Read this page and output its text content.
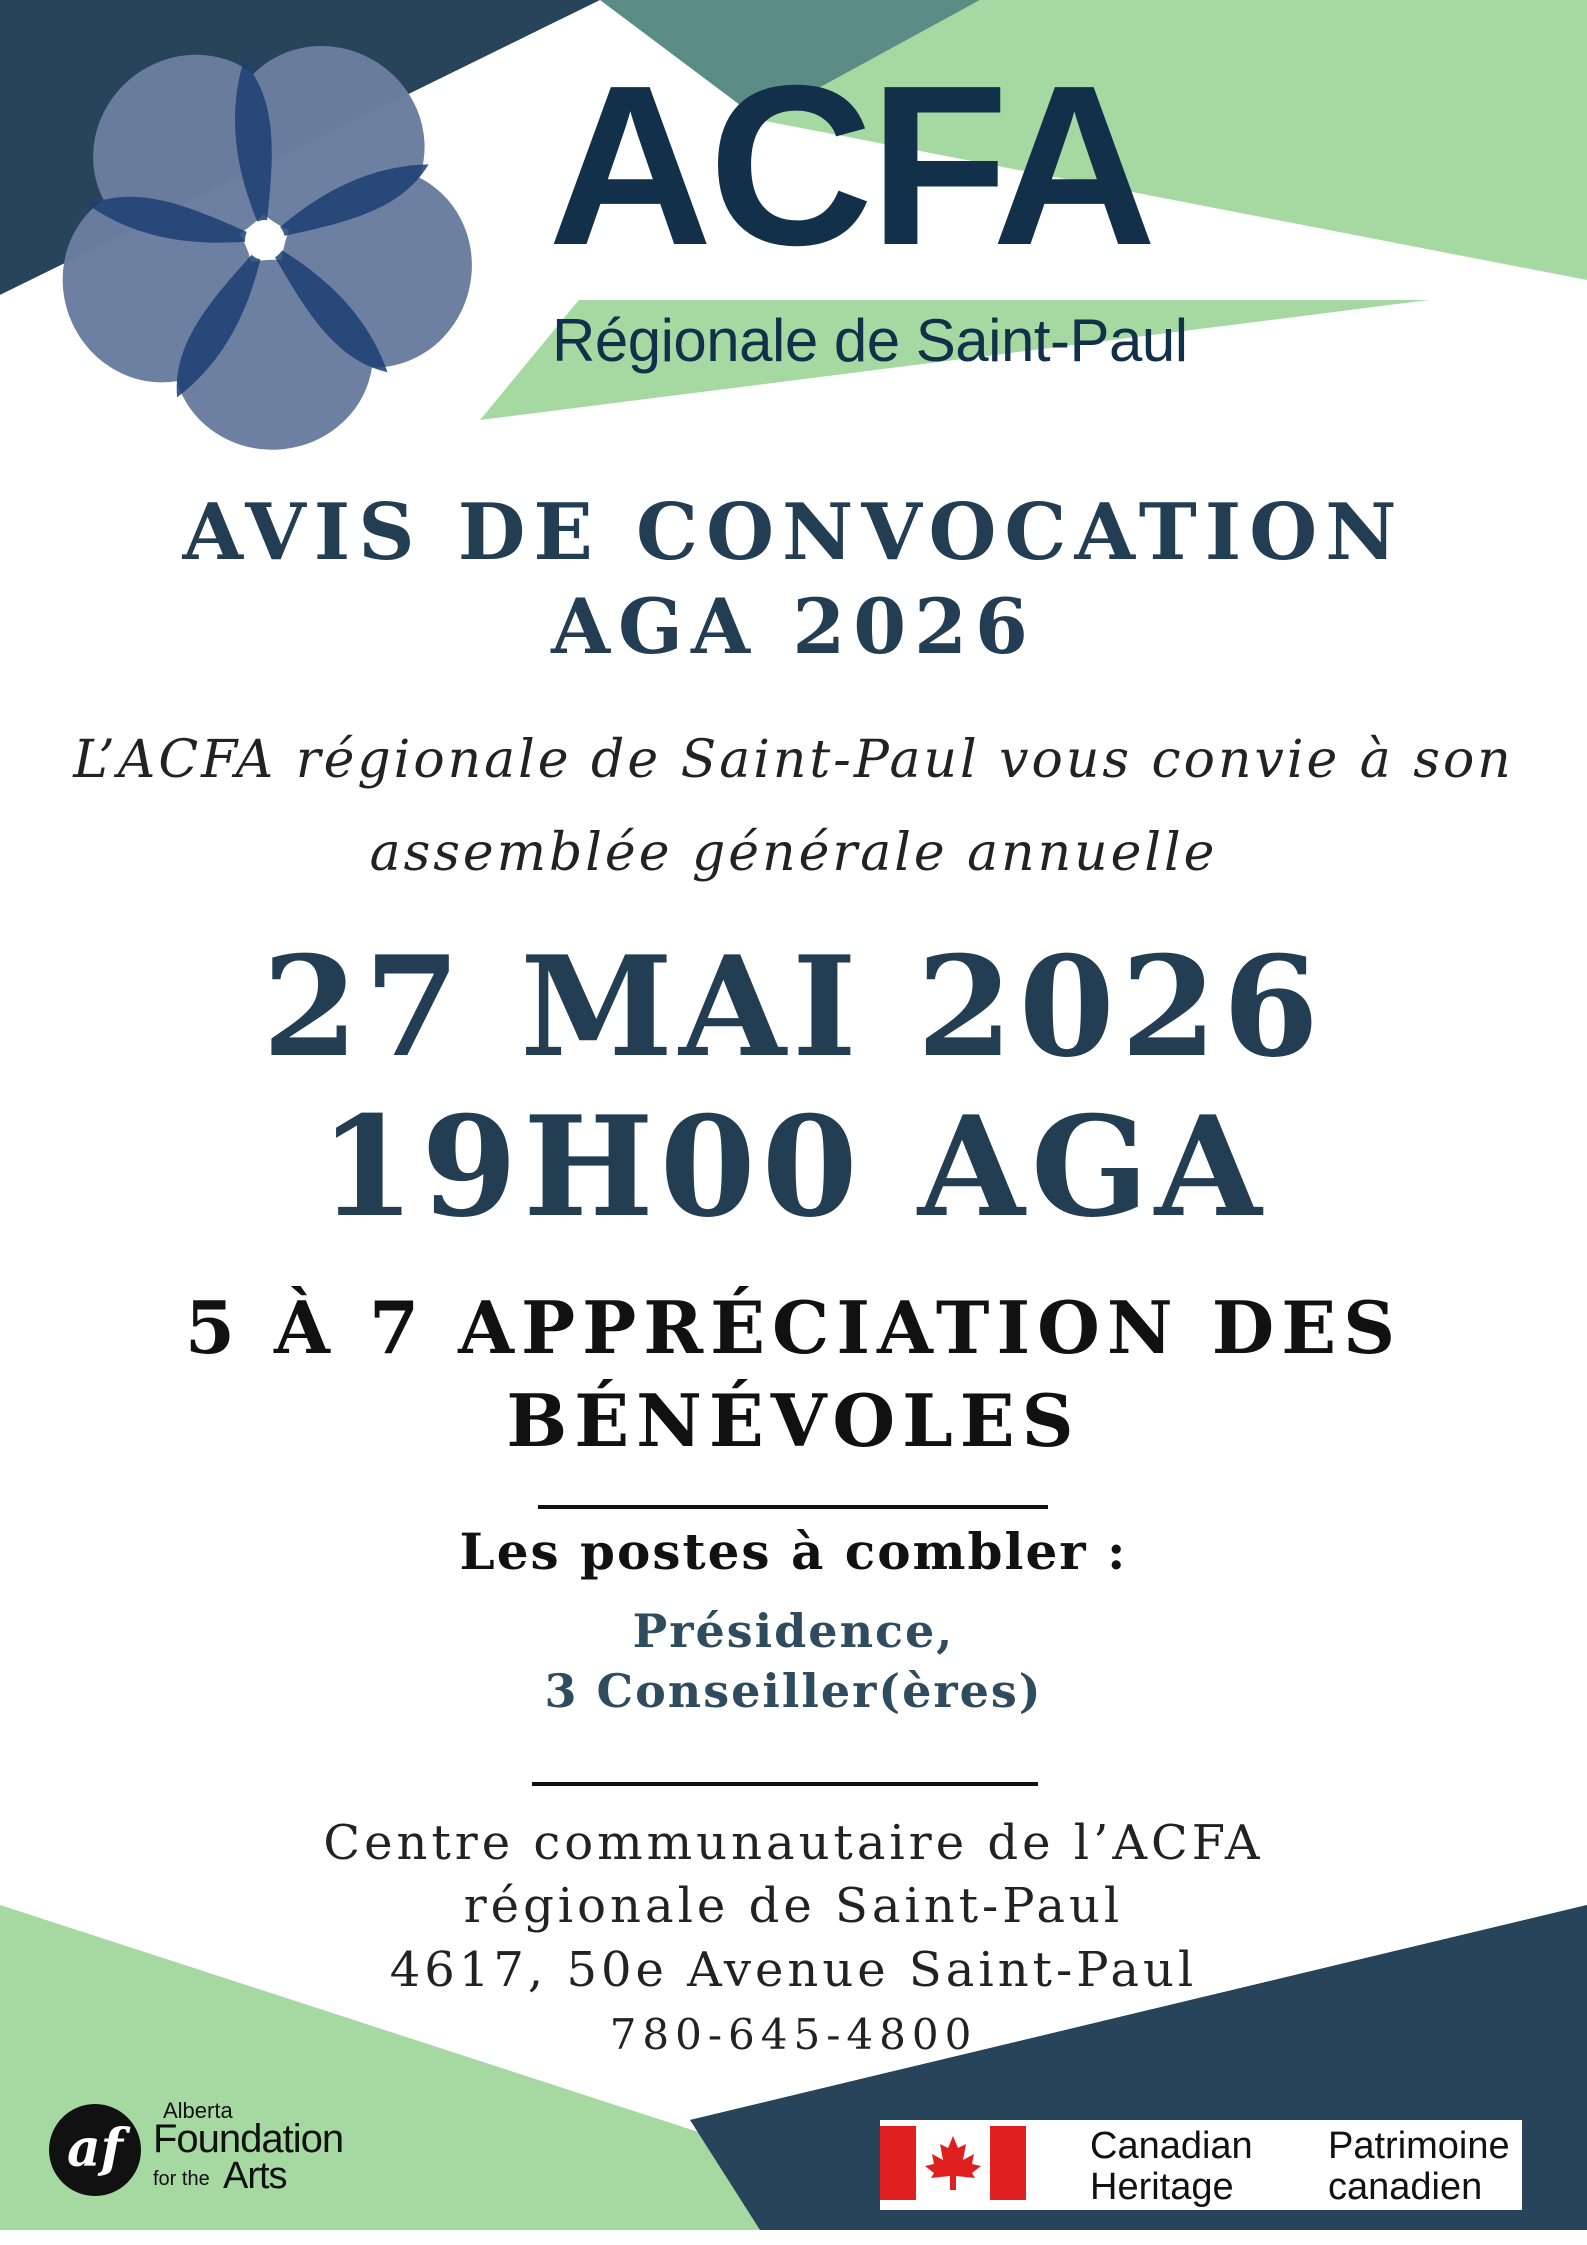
ACFA
Régionale de Saint-Paul
AVIS DE CONVOCATION
AGA 2026
L’ACFA régionale de Saint-Paul vous convie à son
assemblée générale annuelle
27 MAI 2026
19H00 AGA
5 À 7 APPRÉCIATION DES
BÉNÉVOLES
Les postes à combler :
Présidence,
3 Conseiller(ères)
Centre communautaire de l’ACFA
régionale de Saint-Paul
4617, 50e Avenue Saint-Paul
780-645-4800
af
Alberta
Foundation
for the Arts
Canadian
Heritage
Patrimoine
canadien
